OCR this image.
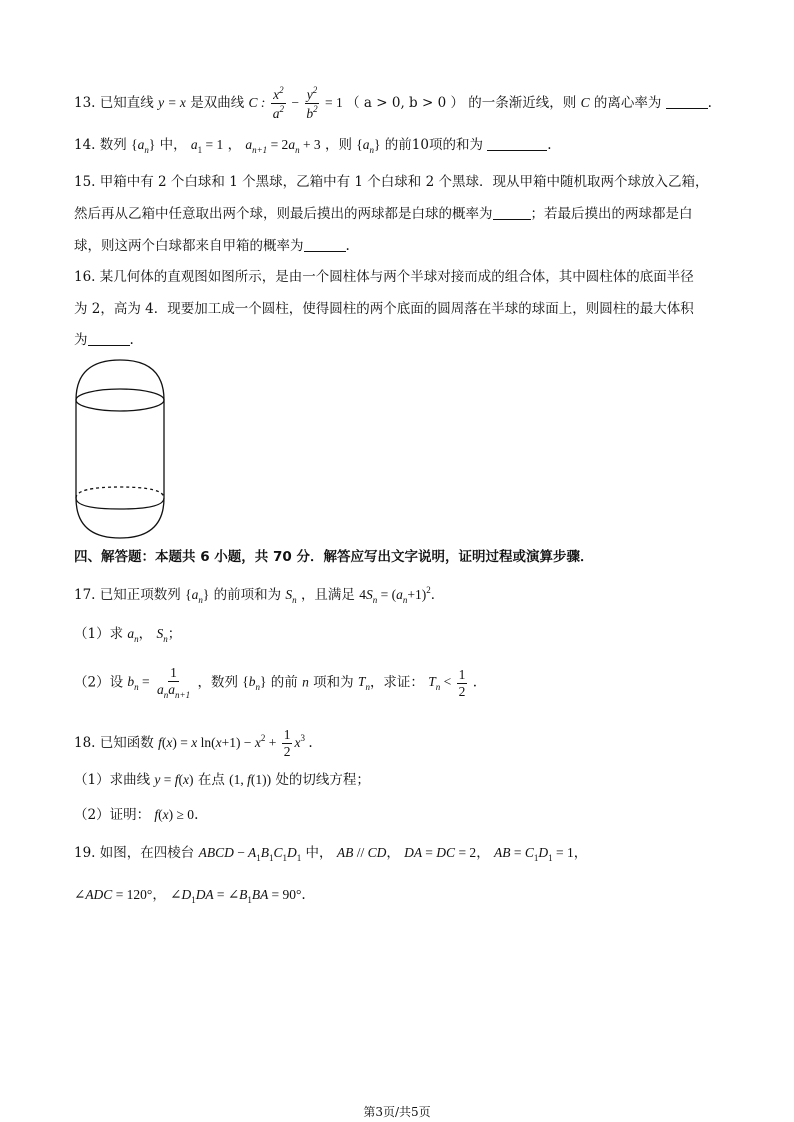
13. 已知直线 y = x 是双曲线 C : $\frac{x^2}{a^2} - \frac{y^2}{b^2} = 1$ （ a > 0, b > 0 ） 的一条渐近线，则 C 的离心率为	.
14. 数列 $\{a_n\}$ 中， $a_1 = 1$ ， $a_{n+1} = 2a_n + 3$ ，则 $\{a_n\}$ 的前10项的和为	.
15. 甲箱中有 2 个白球和 1 个黑球，乙箱中有 1 个白球和 2 个黑球．现从甲箱中随机取两个球放入乙箱，
然后再从乙箱中任意取出两个球，则最后摸出的两球都是白球的概率为	；若最后摸出的两球都是白
球，则这两个白球都来自甲箱的概率为	.
16. 某几何体的直观图如图所示，是由一个圆柱体与两个半球对接而成的组合体，其中圆柱体的底面半径
为 2，高为 4．现要加工成一个圆柱，使得圆柱的两个底面的圆周落在半球的球面上，则圆柱的最大体积
为	.
四、解答题：本题共 6 小题，共 70 分．解答应写出文字说明，证明过程或演算步骤．
17. 已知正项数列 $\{a_n\}$ 的前项和为 $S_n$ ，且满足 $4S_n = (a_n+1)^2$．
（1）求 $a_n$， $S_n$；
（2）设 $b_n = \frac{1}{a_na_{n+1}}$ ，数列 $\{b_n\}$ 的前 n 项和为 $T_n$，求证： $T_n < \frac{1}{2}$ .
18. 已知函数 f(x) = x $\ln(x+1) - x^2 + \frac{1}{2} x^3$ .
（1）求曲线 y = f(x) 在点 (1, f(1)) 处的切线方程；
（2）证明： f(x) ≥ 0.
19. 如图，在四棱台 ABCD − $A_1B_1C_1D_1$ 中， AB // CD， DA = DC = 2， AB = $C_1D_1 = 1$，
∠ADC = 120°， $\angle D_1DA$ = $\angle B_1BA = 90^\circ$.
第3页/共5页
